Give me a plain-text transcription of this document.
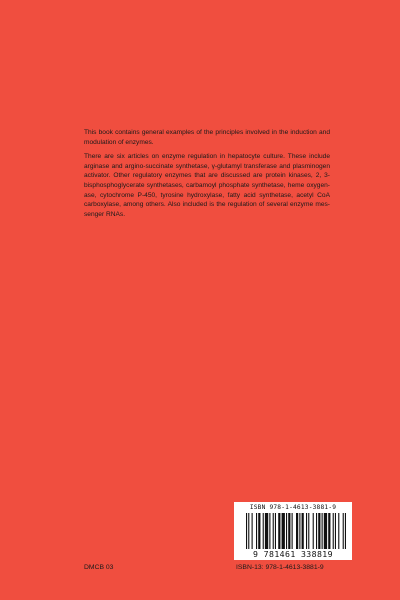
This book contains general examples of the principles involved in the induction and modulation of enzymes.

There are six articles on enzyme regulation in hepatocyte culture. These include arginase and argino-succinate synthetase, γ-glutamyl transferase and plasminogen activator. Other regulatory enzymes that are discussed are protein kinases, 2, 3-bisphosphoglycerate synthetases, carbamoyl phosphate synthetase, heme oxygen-ase, cytochrome P-450, tyrosine hydroxylase, fatty acid synthetase, acetyl CoA carboxylase, among others. Also included is the regulation of several enzyme mes-senger RNAs.

ISBN 978-1-4613-3881-9
9 781461 338819
DMCB 03	ISBN-13: 978-1-4613-3881-9
